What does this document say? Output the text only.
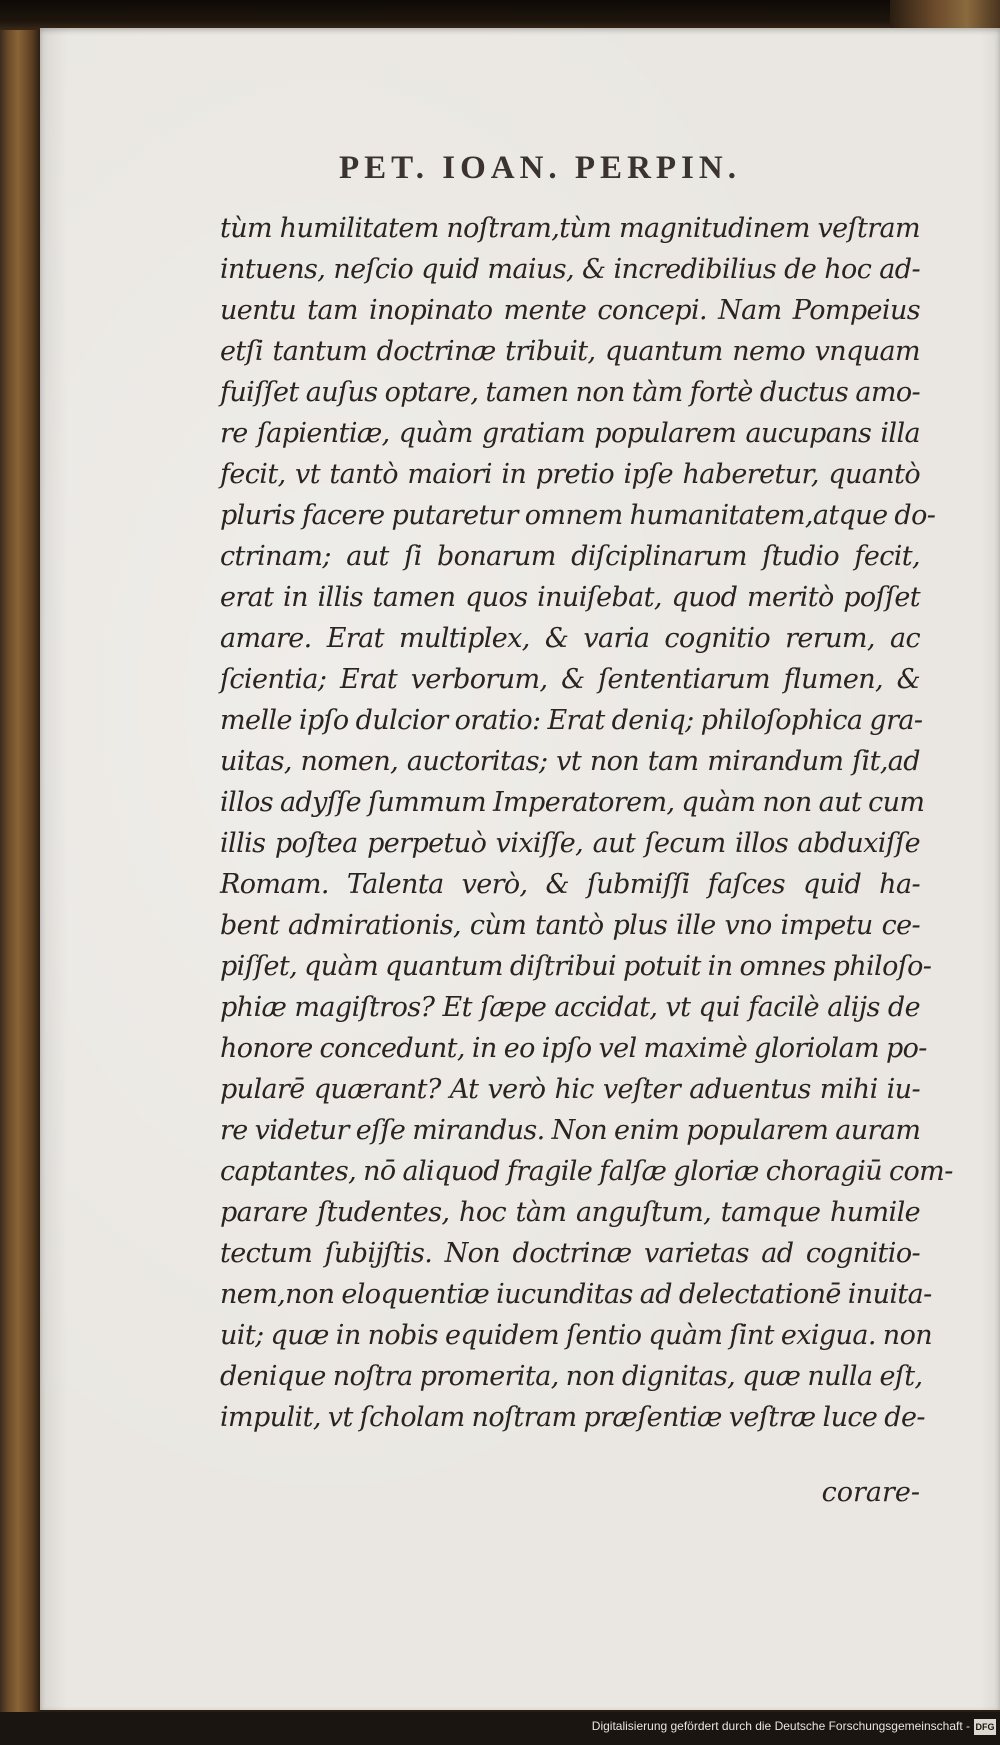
PET. IOAN. PERPIN.
tùm humilitatem noſtram,tùm magnitudinem veſtram
intuens, neſcio quid maius, & incredibilius de hoc ad-
uentu tam inopinato mente concepi. Nam Pompeius
etſi tantum doctrinæ tribuit, quantum nemo vnquam
fuiſſet auſus optare, tamen non tàm fortè ductus amo-
re ſapientiæ, quàm gratiam popularem aucupans illa
fecit, vt tantò maiori in pretio ipſe haberetur, quantò
pluris facere putaretur omnem humanitatem,atque do-
ctrinam; aut ſi bonarum diſciplinarum ſtudio fecit,
erat in illis tamen quos inuiſebat, quod meritò poſſet
amare. Erat multiplex, & varia cognitio rerum, ac
ſcientia; Erat verborum, & ſententiarum flumen, &
melle ipſo dulcior oratio: Erat deniq; philoſophica gra-
uitas, nomen, auctoritas; vt non tam mirandum ſit,ad
illos adyſſe ſummum Imperatorem, quàm non aut cum
illis poſtea perpetuò vixiſſe, aut ſecum illos abduxiſſe
Romam. Talenta verò, & ſubmiſſi faſces quid ha-
bent admirationis, cùm tantò plus ille vno impetu ce-
piſſet, quàm quantum diſtribui potuit in omnes philoſo-
phiæ magiſtros? Et ſæpe accidat, vt qui facilè alijs de
honore concedunt, in eo ipſo vel maximè gloriolam po-
pularē quærant? At verò hic veſter aduentus mihi iu-
re videtur eſſe mirandus. Non enim popularem auram
captantes, nō aliquod fragile falſæ gloriæ choragiū com-
parare ſtudentes, hoc tàm anguſtum, tamque humile
tectum ſubijſtis. Non doctrinæ varietas ad cognitio-
nem,non eloquentiæ iucunditas ad delectationē inuita-
uit; quæ in nobis equidem ſentio quàm ſint exigua. non
denique noſtra promerita, non dignitas, quæ nulla eſt,
impulit, vt ſcholam noſtram præſentiæ veſtræ luce de-
corare-
Digitalisierung gefördert durch die Deutsche Forschungsgemeinschaft - DFG
